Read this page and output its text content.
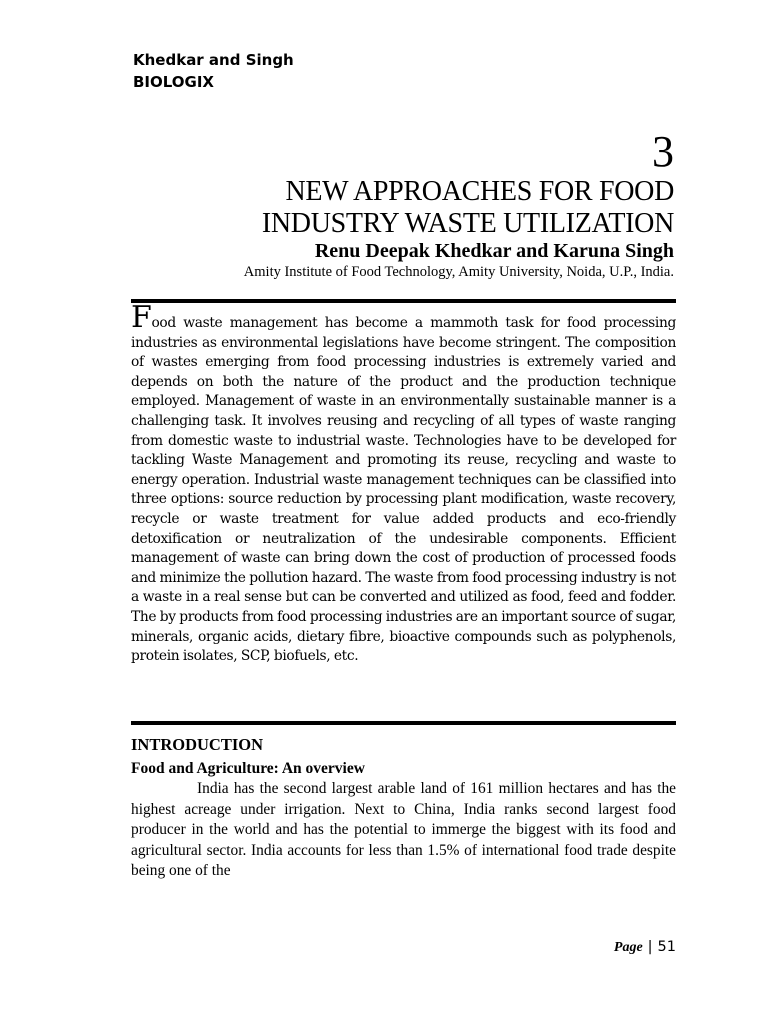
Khedkar and Singh
BIOLOGIX
3
NEW APPROACHES FOR FOOD
INDUSTRY WASTE UTILIZATION
Renu Deepak Khedkar and Karuna Singh
Amity Institute of Food Technology, Amity University, Noida, U.P., India.
Food waste management has become a mammoth task for food processing industries as environmental legislations have become stringent. The composition of wastes emerging from food processing industries is extremely varied and depends on both the nature of the product and the production technique employed. Management of waste in an environmentally sustainable manner is a challenging task. It involves reusing and recycling of all types of waste ranging from domestic waste to industrial waste. Technologies have to be developed for tackling Waste Management and promoting its reuse, recycling and waste to energy operation. Industrial waste management techniques can be classified into three options: source reduction by processing plant modification, waste recovery, recycle or waste treatment for value added products and eco-friendly detoxification or neutralization of the undesirable components. Efficient management of waste can bring down the cost of production of processed foods and minimize the pollution hazard. The waste from food processing industry is not a waste in a real sense but can be converted and utilized as food, feed and fodder. The by products from food processing industries are an important source of sugar, minerals, organic acids, dietary fibre, bioactive compounds such as polyphenols, protein isolates, SCP, biofuels, etc.
INTRODUCTION
Food and Agriculture: An overview

India has the second largest arable land of 161 million hectares and has the highest acreage under irrigation. Next to China, India ranks second largest food producer in the world and has the potential to immerge the biggest with its food and agricultural sector. India accounts for less than 1.5% of international food trade despite being one of the

Page | 51
